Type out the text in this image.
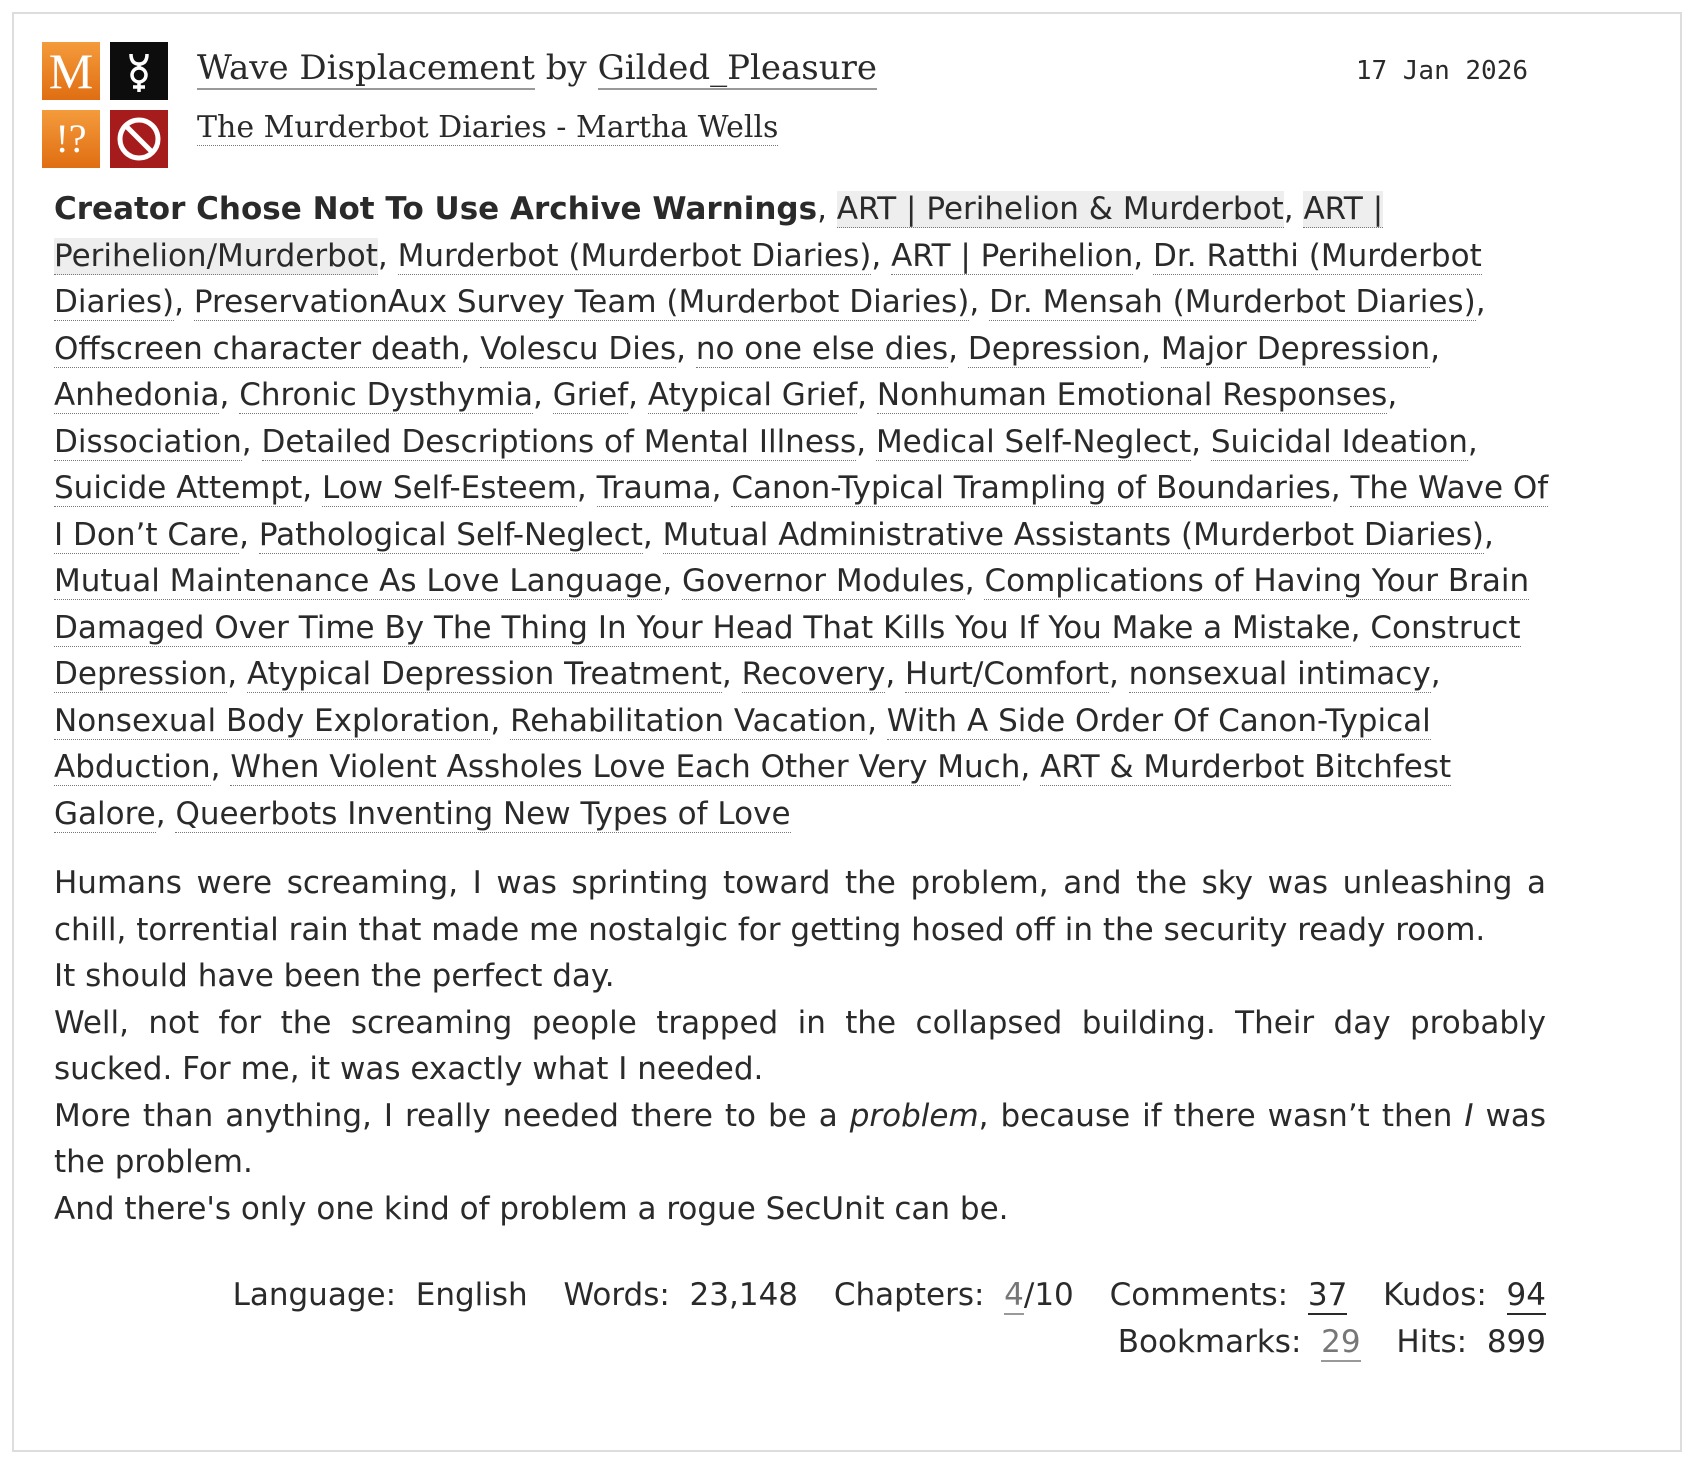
M
!?
Wave Displacement by Gilded_Pleasure
The Murderbot Diaries - Martha Wells
17 Jan 2026
Creator Chose Not To Use Archive Warnings, ART | Perihelion & Murderbot, ART | Perihelion/Murderbot, Murderbot (Murderbot Diaries), ART | Perihelion, Dr. Ratthi (Murderbot Diaries), PreservationAux Survey Team (Murderbot Diaries), Dr. Mensah (Murderbot Diaries), Offscreen character death, Volescu Dies, no one else dies, Depression, Major Depression, Anhedonia, Chronic Dysthymia, Grief, Atypical Grief, Nonhuman Emotional Responses, Dissociation, Detailed Descriptions of Mental Illness, Medical Self-Neglect, Suicidal Ideation, Suicide Attempt, Low Self-Esteem, Trauma, Canon-Typical Trampling of Boundaries, The Wave Of I Don’t Care, Pathological Self-Neglect, Mutual Administrative Assistants (Murderbot Diaries), Mutual Maintenance As Love Language, Governor Modules, Complications of Having Your Brain Damaged Over Time By The Thing In Your Head That Kills You If You Make a Mistake, Construct Depression, Atypical Depression Treatment, Recovery, Hurt/Comfort, nonsexual intimacy, Nonsexual Body Exploration, Rehabilitation Vacation, With A Side Order Of Canon-Typical Abduction, When Violent Assholes Love Each Other Very Much, ART & Murderbot Bitchfest Galore, Queerbots Inventing New Types of Love

Humans were screaming, I was sprinting toward the problem, and the sky was unleashing a chill, torrential rain that made me nostalgic for getting hosed off in the security ready room.

It should have been the perfect day.

Well, not for the screaming people trapped in the collapsed building. Their day probably sucked. For me, it was exactly what I needed.

More than anything, I really needed there to be a problem, because if there wasn’t then I was the problem.

And there's only one kind of problem a rogue SecUnit can be.

Language: English Words: 23,148 Chapters: 4/10 Comments: 37 Kudos: 94 Bookmarks: 29 Hits: 899
